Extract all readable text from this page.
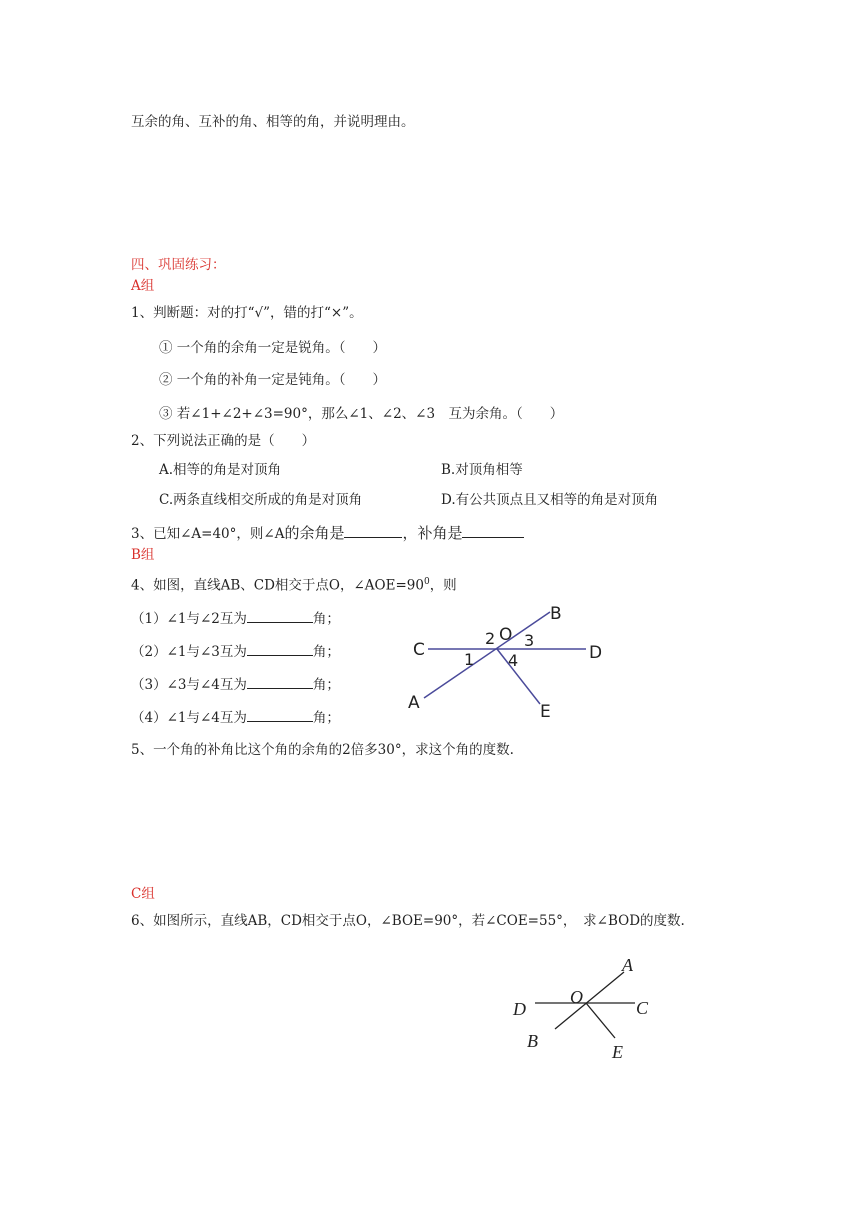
互余的角、互补的角、相等的角，并说明理由。
四、巩固练习：
A组
1、判断题：对的打“√”，错的打“×”。
① 一个角的余角一定是锐角。（　　）
② 一个角的补角一定是钝角。（　　）
③ 若∠1+∠2+∠3=90°，那么∠1、∠2、∠3　互为余角。（　　）
2、下列说法正确的是（　　）
A.相等的角是对顶角	B.对顶角相等
C.两条直线相交所成的角是对顶角	D.有公共顶点且又相等的角是对顶角
3、已知∠A=40°，则∠A的余角是	，补角是
B组
4、如图，直线AB、CD相交于点O，$\angle AOE=90^0$，则
（1）∠1与∠2互为	角；
（2）∠1与∠3互为	角；
（3）∠3与∠4互为	角；
（4）∠1与∠4互为	角；
B
O
2 3
C	D
1 4
A	E
5、一个角的补角比这个角的余角的2倍多30°，求这个角的度数.
C组
6、如图所示，直线AB，CD相交于点O，∠BOE=90°，若∠COE=55°，　求∠BOD的度数.
A
D
O
C
B
E
